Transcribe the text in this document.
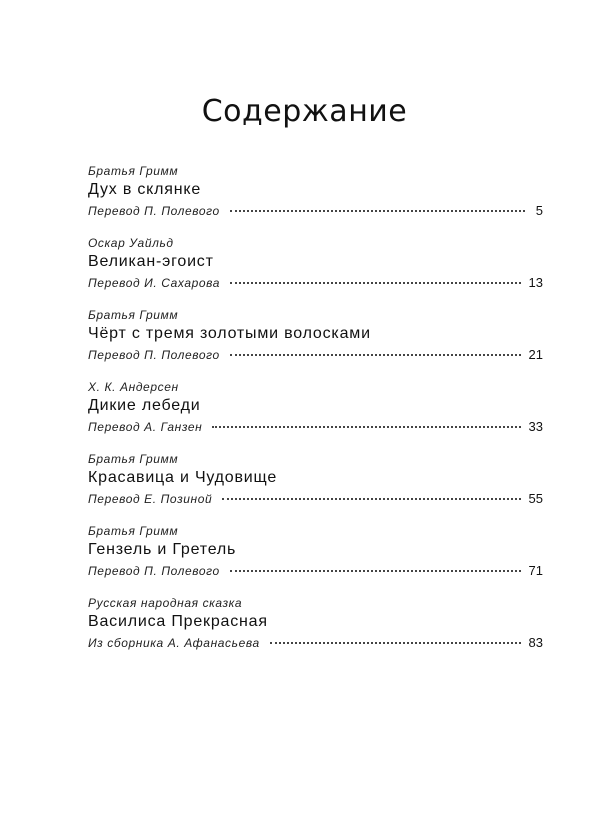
Содержание
Братья Гримм
Дух в склянке
Перевод П. Полевого	5
Оскар Уайльд
Великан-эгоист
Перевод И. Сахарова	13
Братья Гримм
Чёрт с тремя золотыми волосками
Перевод П. Полевого	21
Х. К. Андерсен
Дикие лебеди
Перевод А. Ганзен	33
Братья Гримм
Красавица и Чудовище
Перевод Е. Позиной	55
Братья Гримм
Гензель и Гретель
Перевод П. Полевого	71
Русская народная сказка
Василиса Прекрасная
Из сборника А. Афанасьева	83
